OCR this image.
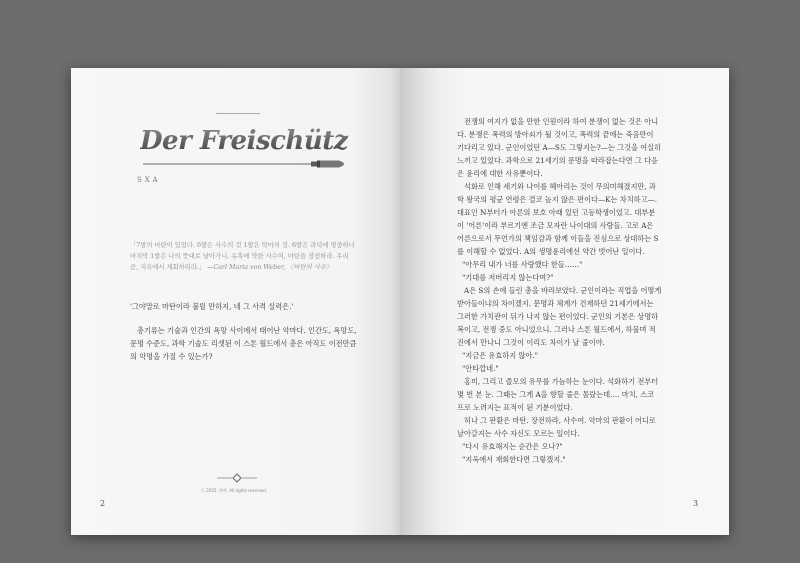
Der Freischütz
SXA
「7발의 마탄이 있었다. 6발은 사수의 것 1발은 악마의 것. 6발은 과녁에 명중하나 마지막 1발은 나의 뜻대로 날아가니. 유혹에 약한 사수여, 마탄을 장전하라. 우리 곧, 지옥에서 재회하리라.」 —Carl Maria von Weber, 〈마탄의 사수〉
'그야말로 마탄이라 불릴 만하지, 네 그 사격 실력은.'
총기류는 기술과 인간의 욕망 사이에서 태어난 악마다. 인간도, 욕망도, 문명 수준도, 과학 기술도 리셋된 이 스톤 월드에서 총은 아직도 이전만큼의 악명을 가질 수 있는가?
ⓒ 2025. 뭔꺽. All rights reserved.
2

전쟁의 여지가 없을 만한 인원이라 하여 분쟁이 없는 것은 아니

다. 분쟁은 폭력의 방아쇠가 될 것이고, 폭력의 끝에는 죽음만이

기다리고 있다. 군인이었던 A—S도 그렇지는?—는 그것을 여실히

느끼고 있었다. 과학으로 21세기의 문명을 따라잡는다면 그 다음

은 윤리에 대한 사유뿐이다.

석화로 인해 세기와 나이를 헤아리는 것이 무의미해졌지만, 과

학 왕국의 평균 연령은 결코 높지 않은 편이다—K는 차치하고—.

대표인 N부터가 아론의 보호 아래 있던 고등학생이었고. 대부분

이 '어른'이라 부르기엔 조금 모자란 나이대의 사람들. 고로 A은

어른으로서 무언가의 책임감과 함께 이들을 진심으로 상대하는 S

를 이해할 수 없었다. A의 생명윤리에선 약간 벗어난 일이다.

"아무리 내가 너를 사랑했다 한들……"

"기대를 저버리지 않는다며?"

A은 S의 손에 들린 총을 바라보았다. 군인이라는 직업을 어떻게

받아들이냐의 차이겠지. 문명과 체계가 건재하던 21세기에서는

그러한 가치관이 뒤가 나지 않는 편이었다. 군인의 기본은 상명하

복이고, 전쟁 중도 아니었으니. 그러나 스톤 월드에서, 하물며 적

진에서 만나니 그것이 이리도 차이가 날 줄이야.

"지금은 유효하지 않아."

"안타깝네."

홍미, 그리고 즐모의 유무를 가늠하는 눈이다. 석화하기 전부터

몇 번 본 눈. 그때는 그게 A을 향할 줄은 몰랐는데…. 마치, 스코

프로 노려지는 표적이 된 기분이었다.

허나 그 판환은 마탄. 장전하라, 사수여. 악마의 판환이 어디로

날아갈지는 사수 자신도 모르는 일이다.

"다시 유효해지는 순간은 오나?"

"지옥에서 재회한다면 그렇겠지."

3
